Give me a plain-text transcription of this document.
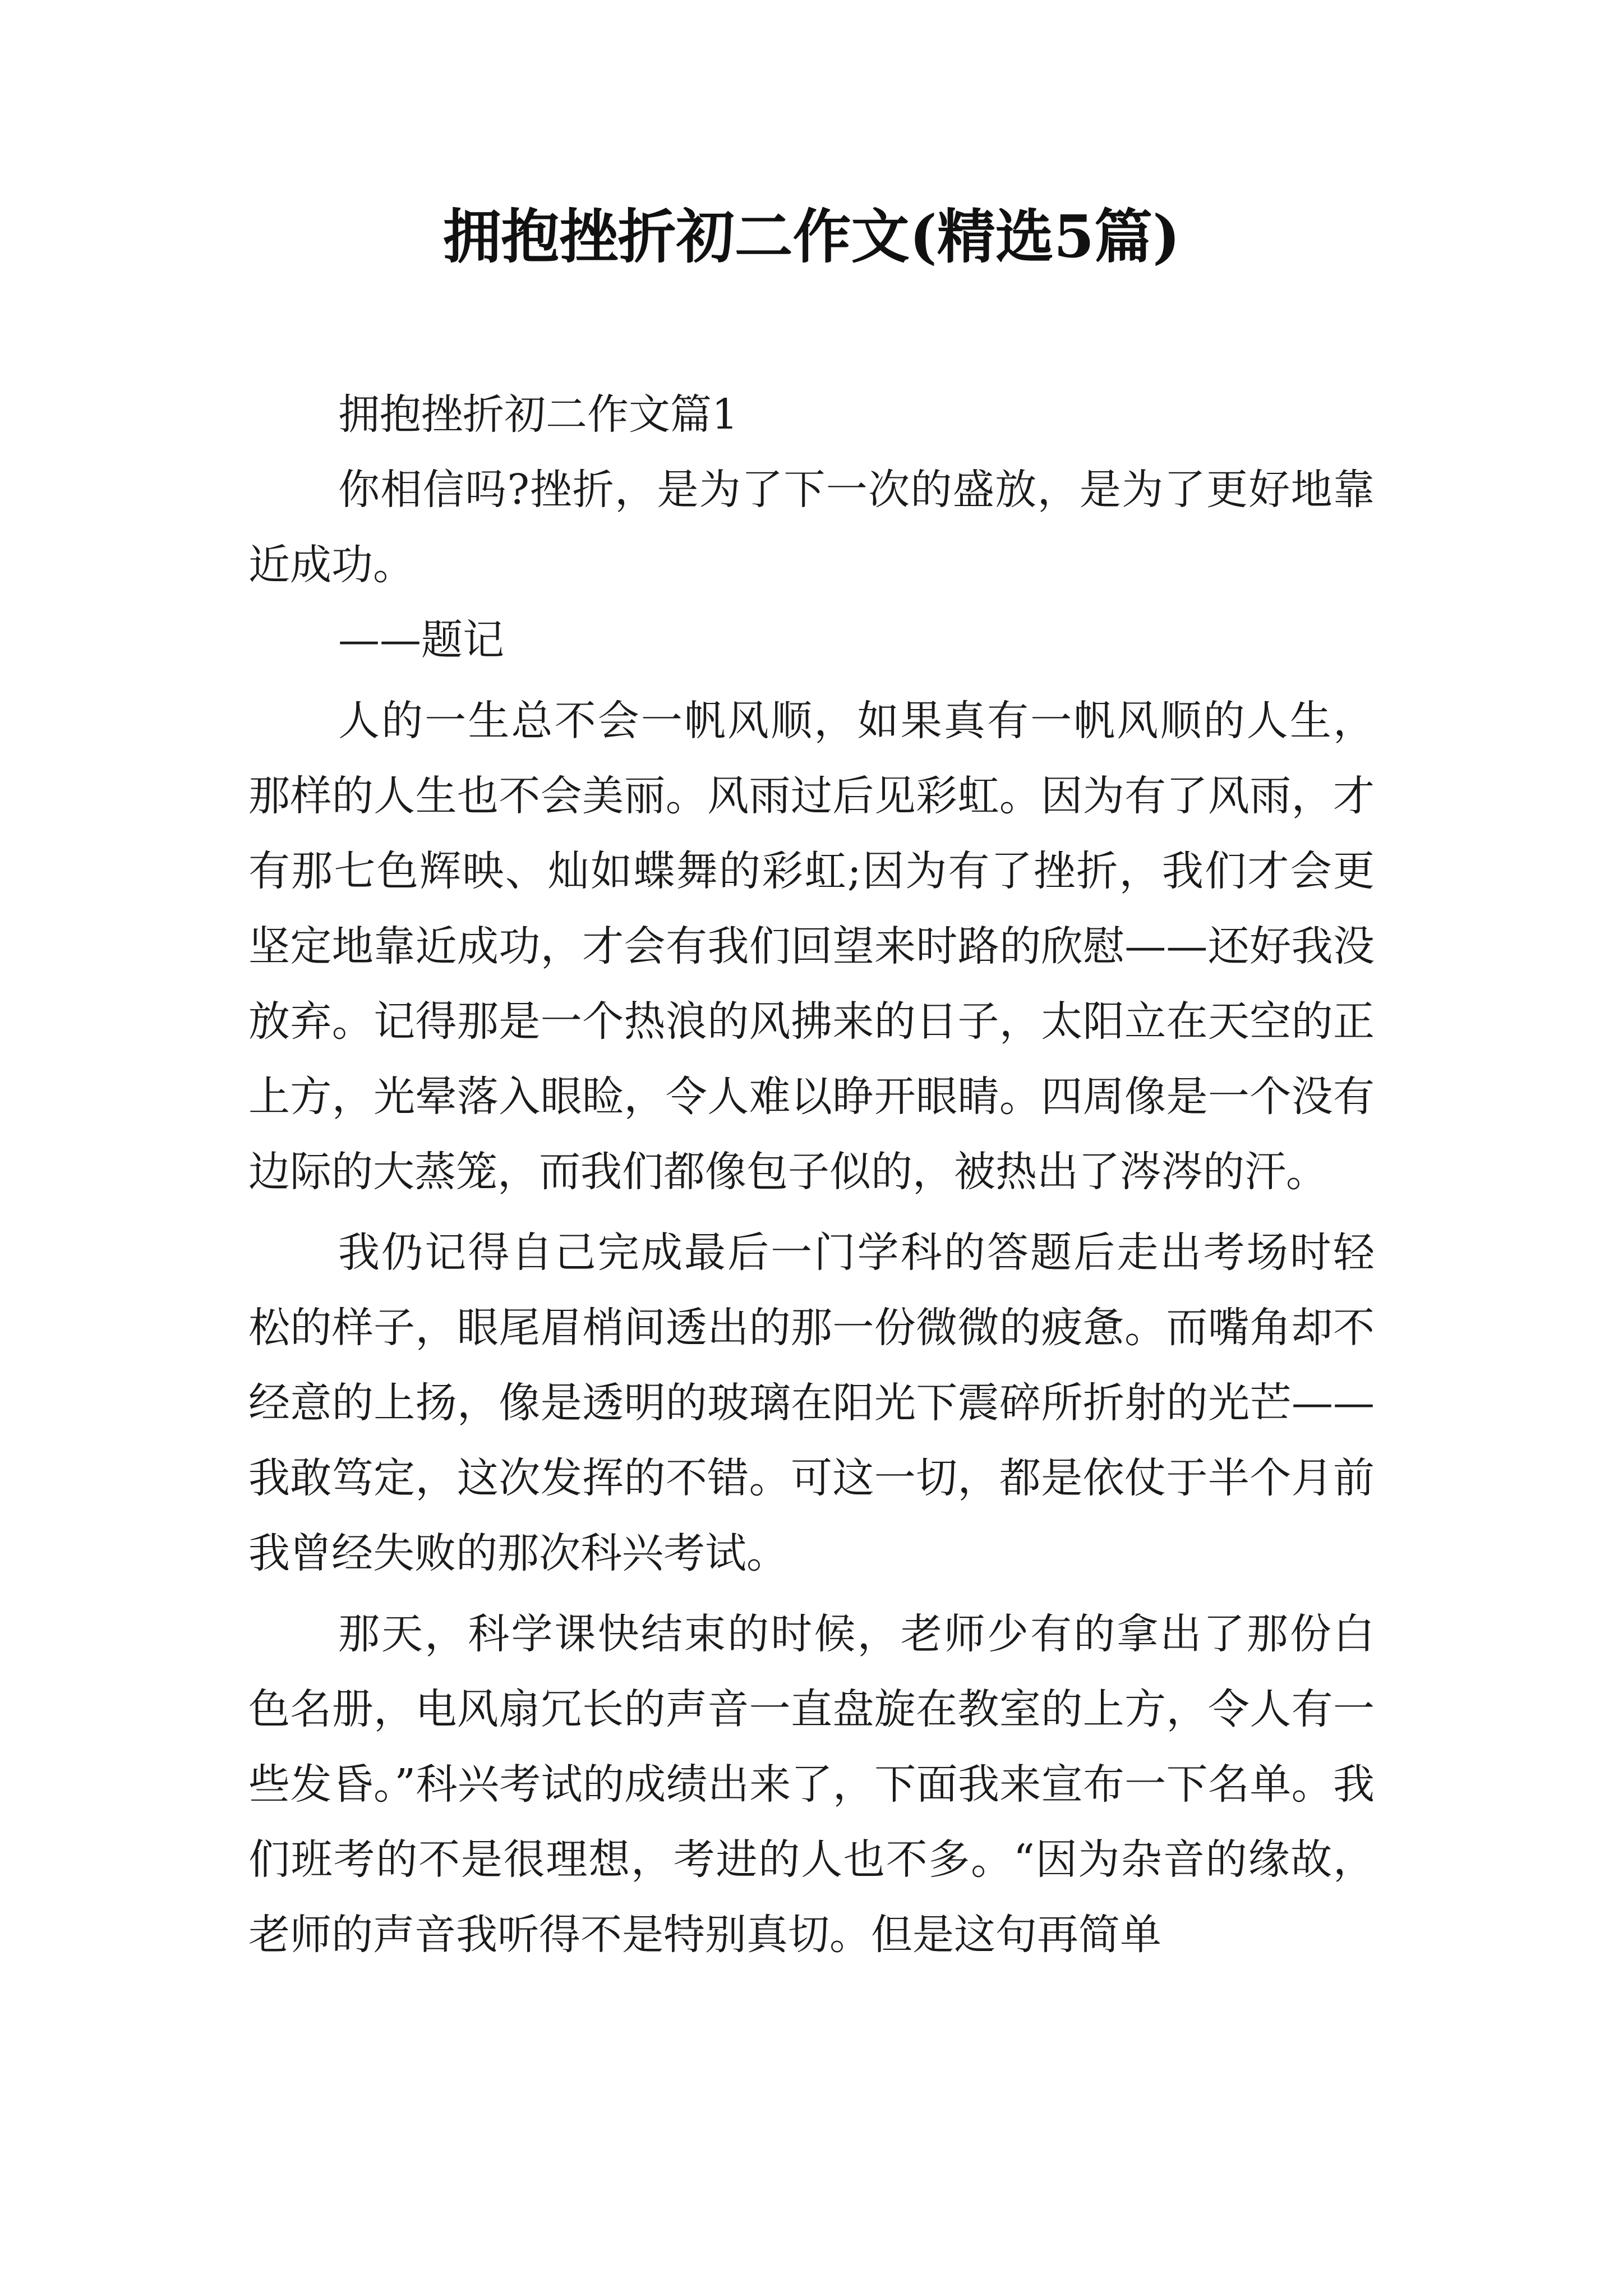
拥抱挫折初二作文(精选5篇)

拥抱挫折初二作文篇1

你相信吗?挫折，是为了下一次的盛放，是为了更好地靠近成功。

——题记

人的一生总不会一帆风顺，如果真有一帆风顺的人生，那样的人生也不会美丽。风雨过后见彩虹。因为有了风雨，才有那七色辉映、灿如蝶舞的彩虹;因为有了挫折，我们才会更坚定地靠近成功，才会有我们回望来时路的欣慰——还好我没放弃。记得那是一个热浪的风拂来的日子，太阳立在天空的正上方，光晕落入眼睑，令人难以睁开眼睛。四周像是一个没有边际的大蒸笼，而我们都像包子似的，被热出了涔涔的汗。

我仍记得自己完成最后一门学科的答题后走出考场时轻松的样子，眼尾眉梢间透出的那一份微微的疲惫。而嘴角却不经意的上扬，像是透明的玻璃在阳光下震碎所折射的光芒——我敢笃定，这次发挥的不错。可这一切，都是依仗于半个月前我曾经失败的那次科兴考试。

那天，科学课快结束的时候，老师少有的拿出了那份白色名册，电风扇冗长的声音一直盘旋在教室的上方，令人有一些发昏。”科兴考试的成绩出来了，下面我来宣布一下名单。我们班考的不是很理想，考进的人也不多。“因为杂音的缘故，老师的声音我听得不是特别真切。但是这句再简单
